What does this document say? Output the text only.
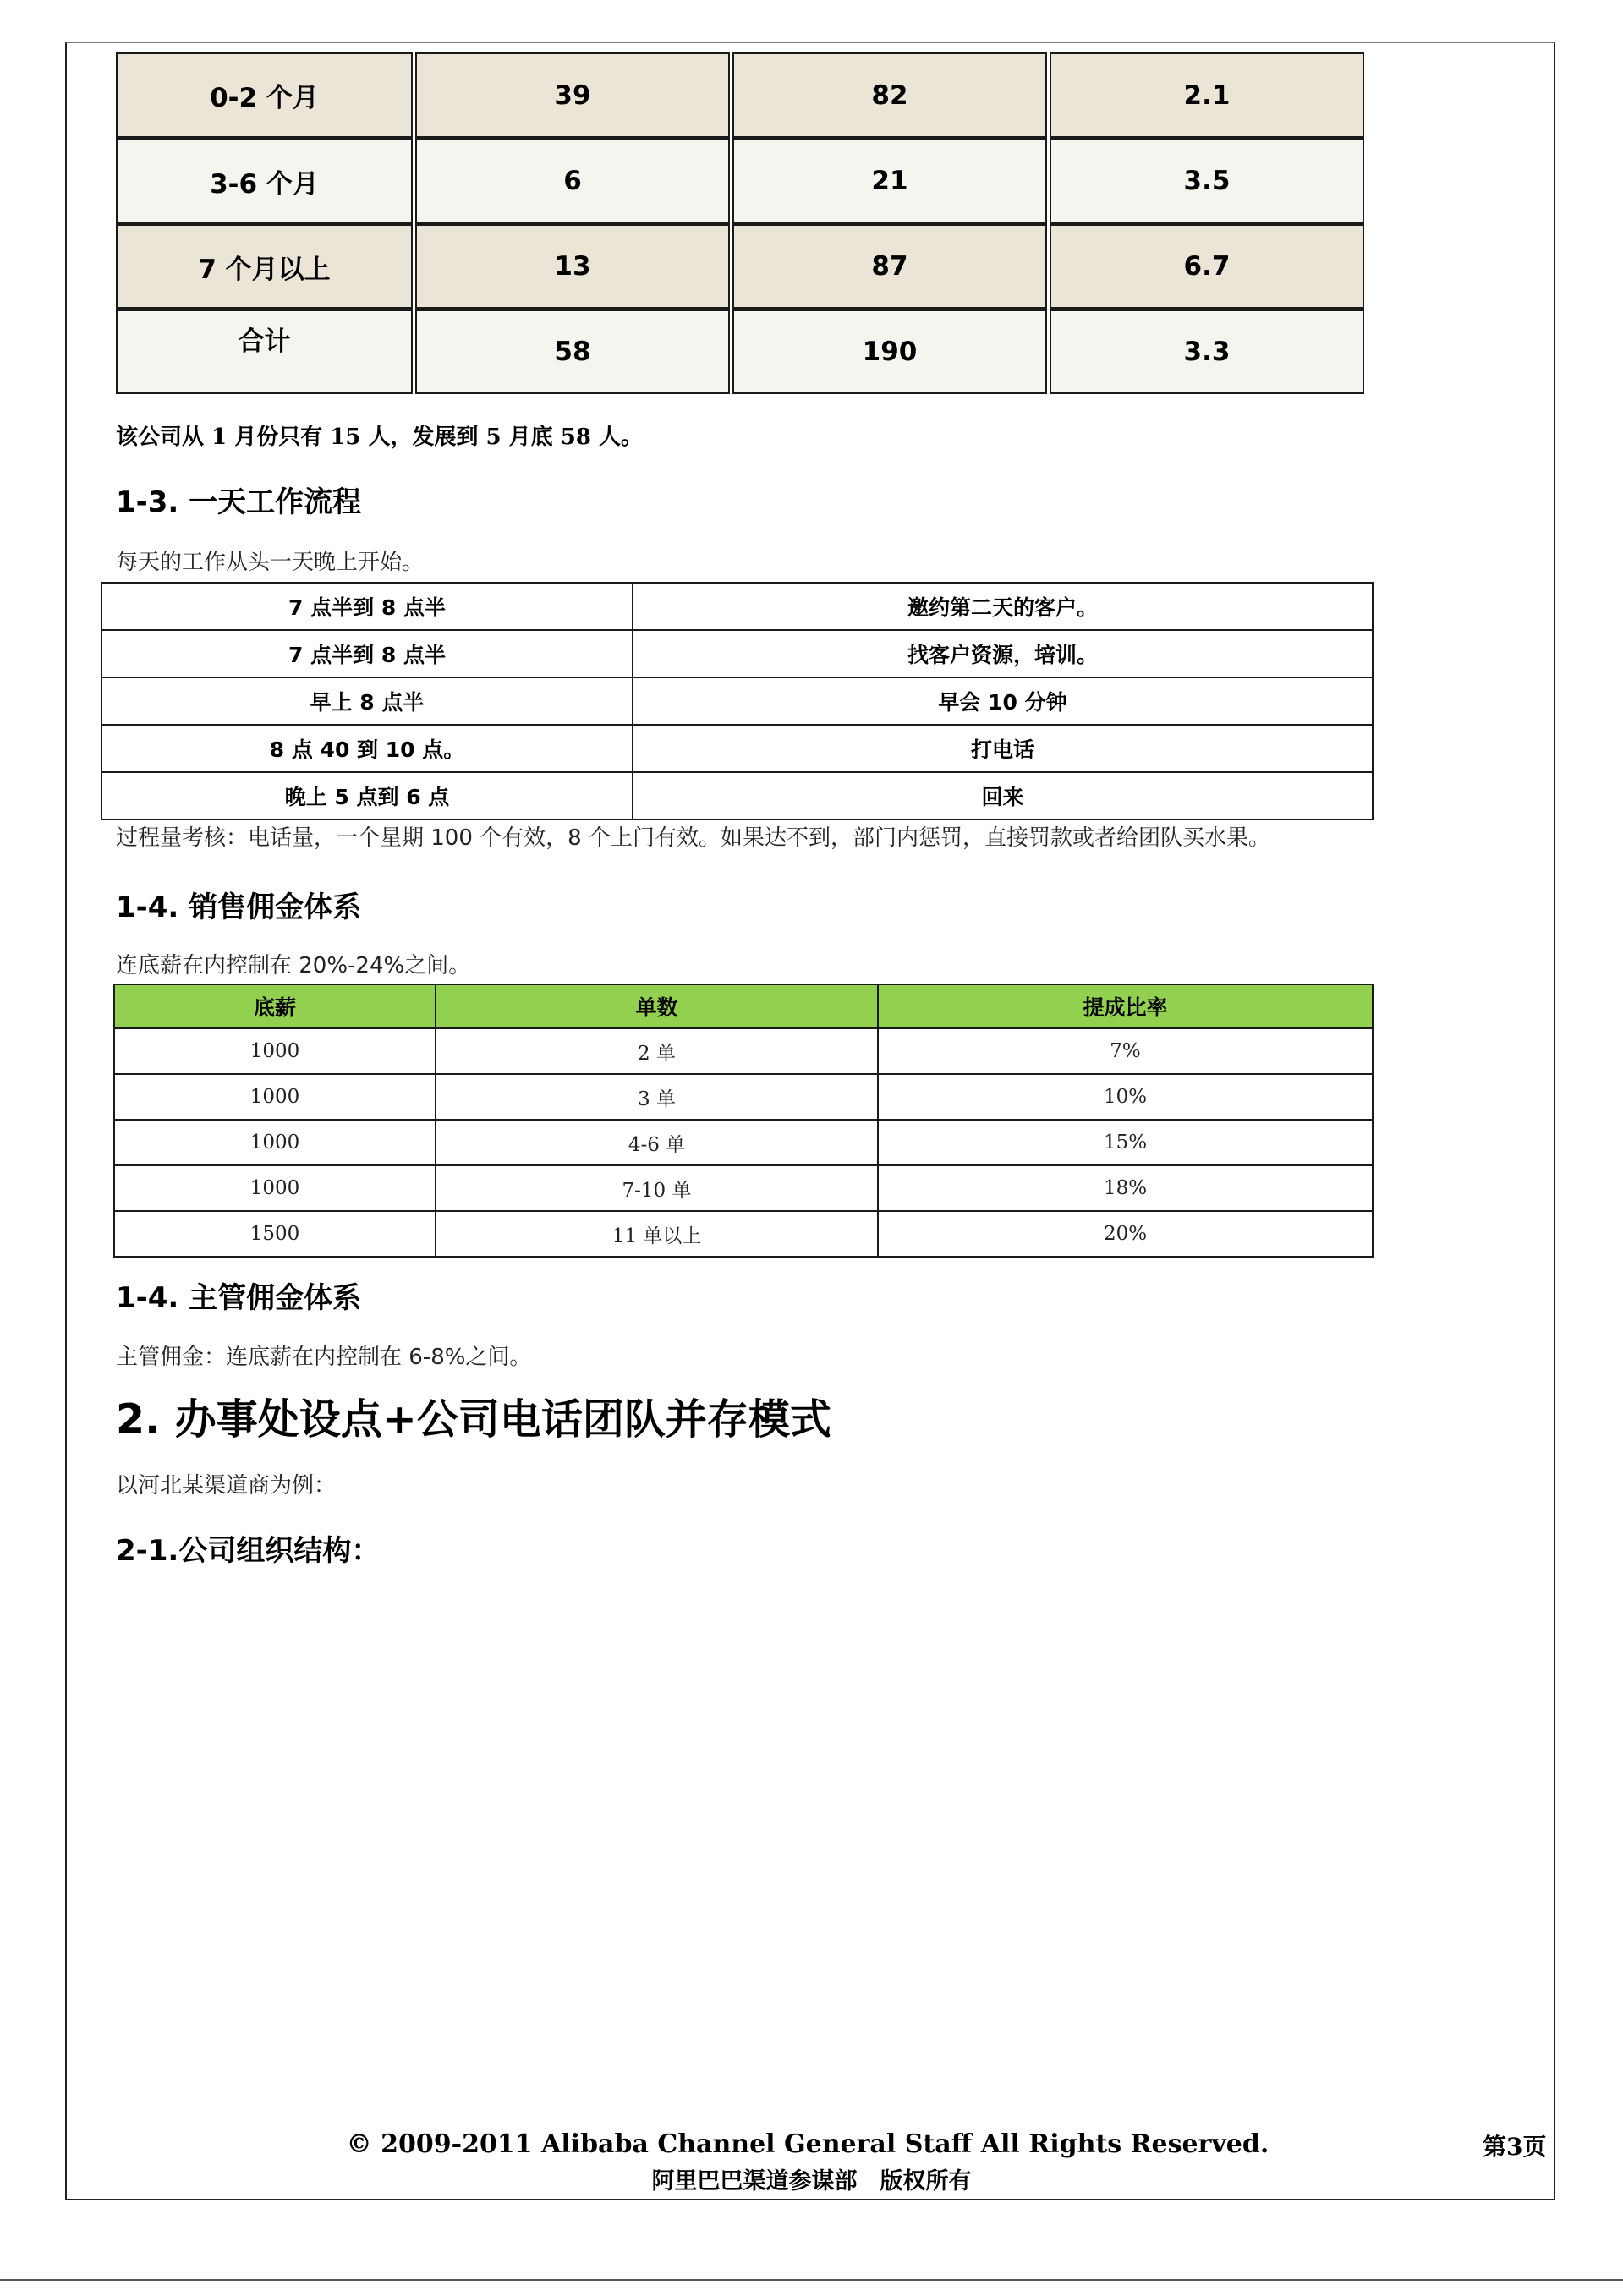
0-2 个月	39	82	2.1
3-6 个月	6	21	3.5
7 个月以上	13	87	6.7
合计	58	190	3.3
该公司从 1 月份只有 15 人，发展到 5 月底 58 人。
1-3. 一天工作流程
每天的工作从头一天晚上开始。
7 点半到 8 点半	邀约第二天的客户。
7 点半到 8 点半	找客户资源，培训。
早上 8 点半	早会 10 分钟
8 点 40 到 10 点。	打电话
晚上 5 点到 6 点	回来
过程量考核：电话量，一个星期 100 个有效，8 个上门有效。如果达不到，部门内惩罚，直接罚款或者给团队买水果。
1-4. 销售佣金体系
连底薪在内控制在 20%-24%之间。
底薪	单数	提成比率
1000	2 单	7%
1000	3 单	10%
1000	4-6 单	15%
1000	7-10 单	18%
1500	11 单以上	20%
1-4. 主管佣金体系
主管佣金：连底薪在内控制在 6-8%之间。
2. 办事处设点+公司电话团队并存模式
以河北某渠道商为例：
2-1.公司组织结构：
© 2009-2011 Alibaba Channel General Staff All Rights Reserved.
阿里巴巴渠道参谋部　版权所有
第3页
